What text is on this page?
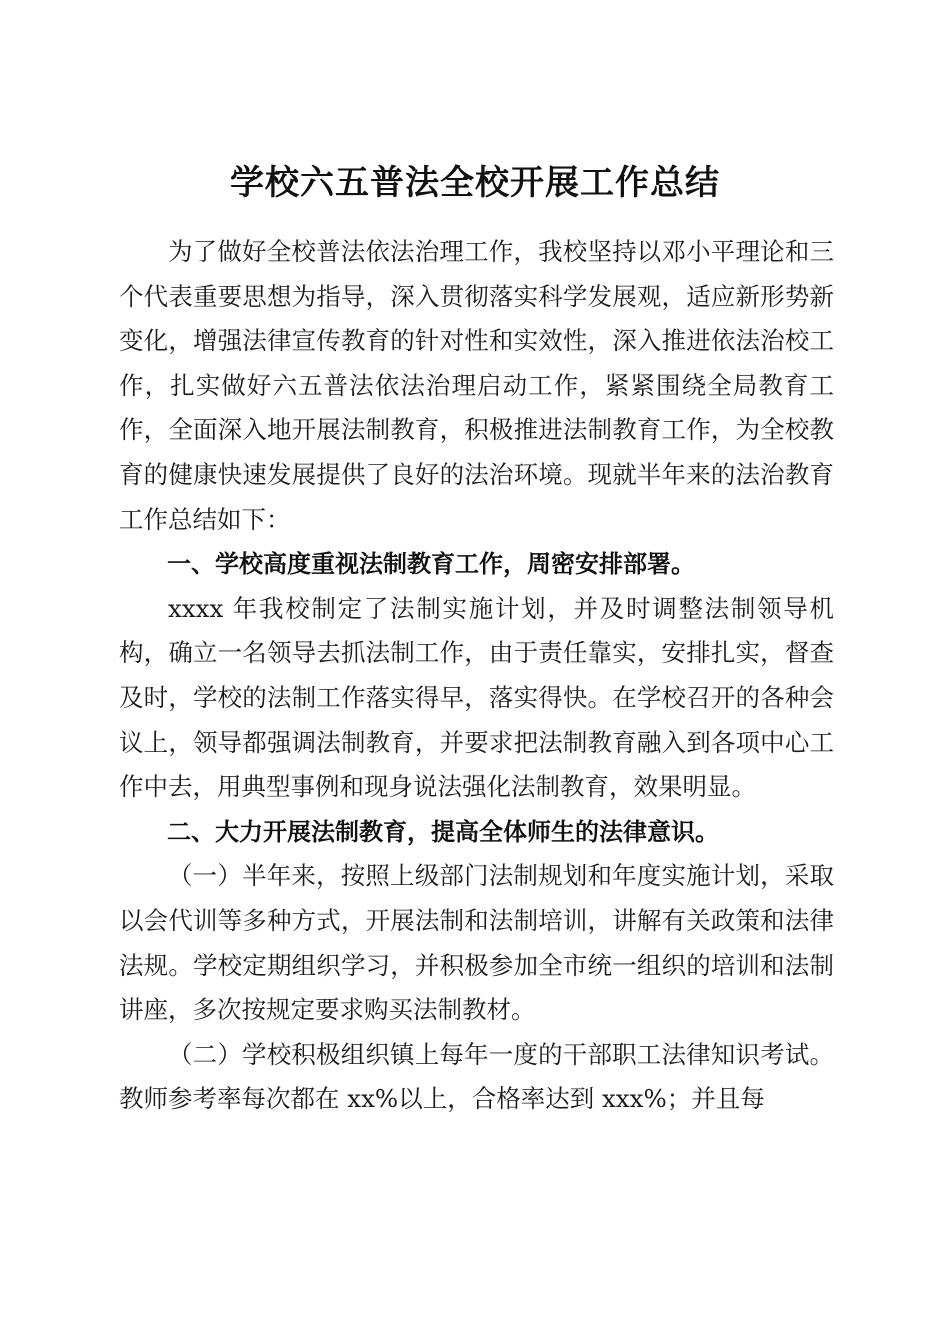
学校六五普法全校开展工作总结

为了做好全校普法依法治理工作，我校坚持以邓小平理论和三个代表重要思想为指导，深入贯彻落实科学发展观，适应新形势新变化，增强法律宣传教育的针对性和实效性，深入推进依法治校工作，扎实做好六五普法依法治理启动工作，紧紧围绕全局教育工作，全面深入地开展法制教育，积极推进法制教育工作，为全校教育的健康快速发展提供了良好的法治环境。现就半年来的法治教育工作总结如下：

一、学校高度重视法制教育工作，周密安排部署。

xxxx 年我校制定了法制实施计划，并及时调整法制领导机构，确立一名领导去抓法制工作，由于责任靠实，安排扎实，督查及时，学校的法制工作落实得早，落实得快。在学校召开的各种会议上，领导都强调法制教育，并要求把法制教育融入到各项中心工作中去，用典型事例和现身说法强化法制教育，效果明显。

二、大力开展法制教育，提高全体师生的法律意识。

（一）半年来，按照上级部门法制规划和年度实施计划，采取以会代训等多种方式，开展法制和法制培训，讲解有关政策和法律法规。学校定期组织学习，并积极参加全市统一组织的培训和法制讲座，多次按规定要求购买法制教材。

（二）学校积极组织镇上每年一度的干部职工法律知识考试。教师参考率每次都在 xx%以上，合格率达到 xxx%；并且每
